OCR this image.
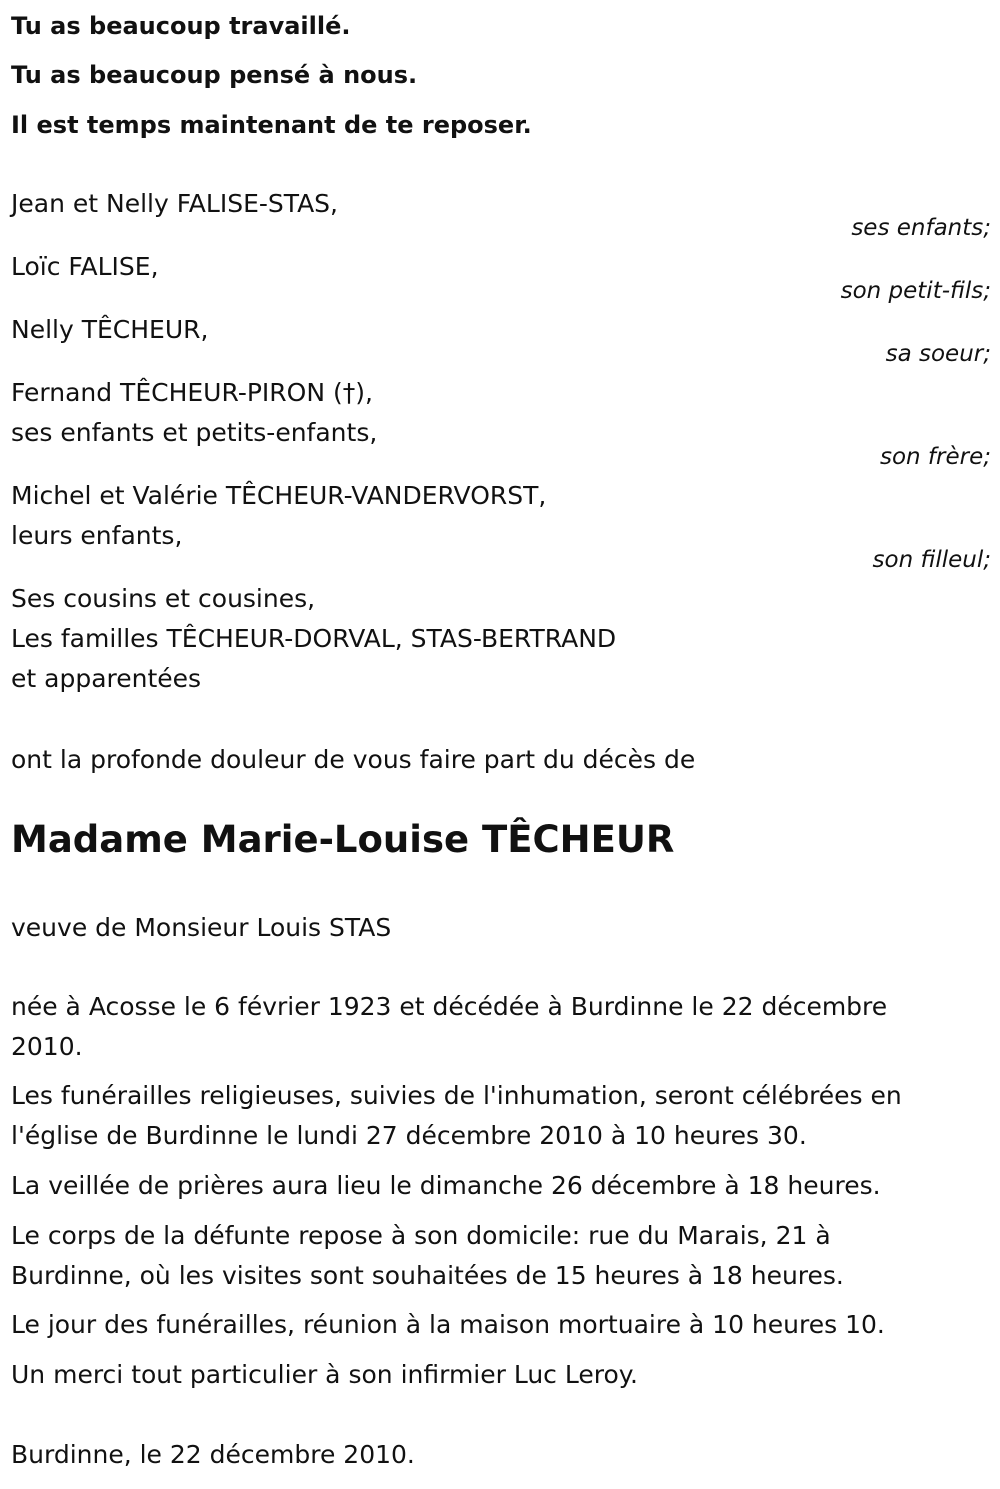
Tu as beaucoup travaillé.
Tu as beaucoup pensé à nous.
Il est temps maintenant de te reposer.
Jean et Nelly FALISE-STAS,
ses enfants;
Loïc FALISE,
son petit-fils;
Nelly TÊCHEUR,
sa soeur;
Fernand TÊCHEUR-PIRON (†),
ses enfants et petits-enfants,
son frère;
Michel et Valérie TÊCHEUR-VANDERVORST,
leurs enfants,
son filleul;
Ses cousins et cousines,
Les familles TÊCHEUR-DORVAL, STAS-BERTRAND
et apparentées
ont la profonde douleur de vous faire part du décès de
Madame Marie-Louise TÊCHEUR
veuve de Monsieur Louis STAS
née à Acosse le 6 février 1923 et décédée à Burdinne le 22 décembre
2010.
Les funérailles religieuses, suivies de l'inhumation, seront célébrées en
l'église de Burdinne le lundi 27 décembre 2010 à 10 heures 30.
La veillée de prières aura lieu le dimanche 26 décembre à 18 heures.
Le corps de la défunte repose à son domicile: rue du Marais, 21 à
Burdinne, où les visites sont souhaitées de 15 heures à 18 heures.
Le jour des funérailles, réunion à la maison mortuaire à 10 heures 10.
Un merci tout particulier à son infirmier Luc Leroy.
Burdinne, le 22 décembre 2010.
